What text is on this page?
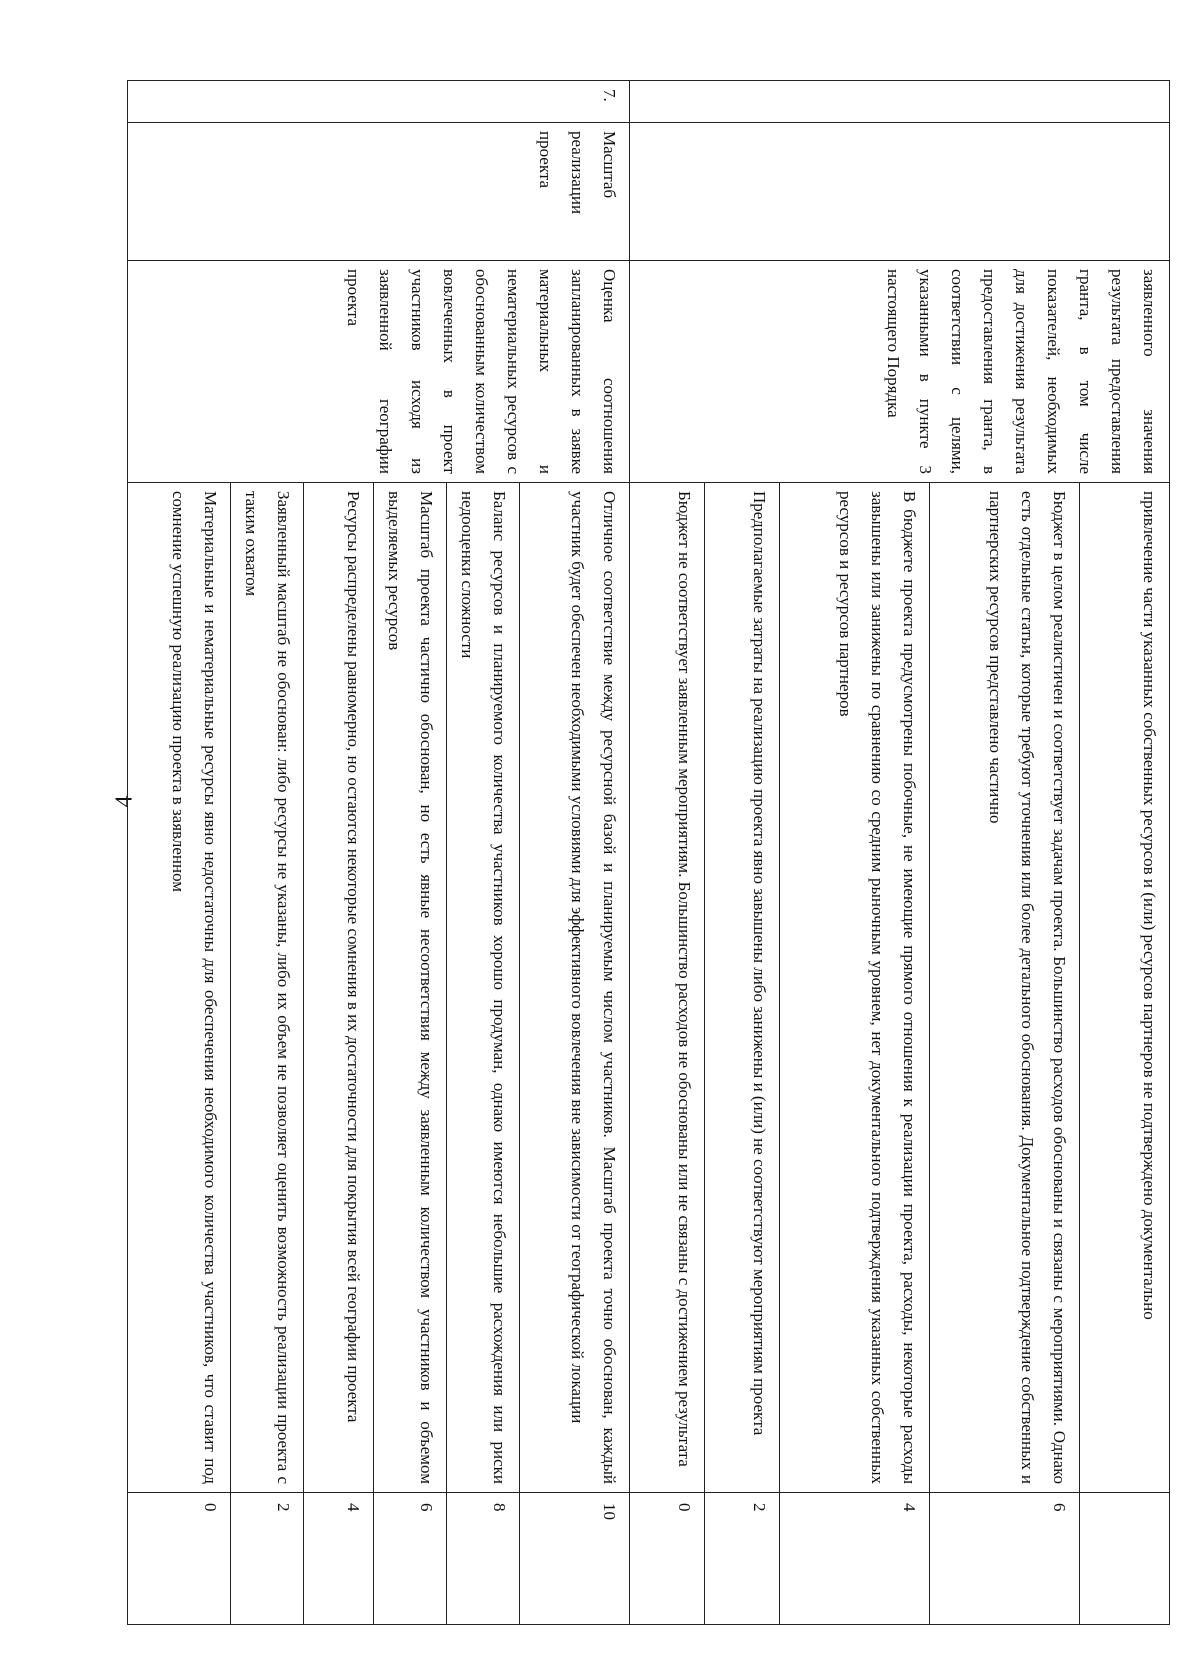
4
		заявленного значения результата предоставления гранта, в том числе показателей, необходимых для достижения результата предоставления гранта, в соответствии с целями, указанными в пункте 3 настоящего Порядка	привлечение части указанных собственных ресурсов и (или) ресурсов партнеров не подтверждено документально	
			Бюджет в целом реалистичен и соответствует задачам проекта. Большинство расходов обоснованы и связаны с мероприятиями. Однако есть отдельные статьи, которые требуют уточнения или более детального обоснования. Документальное подтверждение собственных и партнерских ресурсов представлено частично	6
			В бюджете проекта предусмотрены побочные, не имеющие прямого отношения к реализации проекта, расходы, некоторые расходы завышены или занижены по сравнению со средним рыночным уровнем, нет документального подтверждения указанных собственных ресурсов и ресурсов партнеров	4
			Предполагаемые затраты на реализацию проекта явно завышены либо занижены и (или) не соответствуют мероприятиям проекта	2
			Бюджет не соответствует заявленным мероприятиям. Большинство расходов не обоснованы или не связаны с достижением результата	0
7.	Масштаб реализации проекта	Оценка соотношения запланированных в заявке материальных и нематериальных ресурсов с обоснованным количеством вовлеченных в проект участников исходя из заявленной географии проекта	Отличное соответствие между ресурсной базой и планируемым числом участников. Масштаб проекта точно обоснован, каждый участник будет обеспечен необходимыми условиями для эффективного вовлечения вне зависимости от географической локации	10
			Баланс ресурсов и планируемого количества участников хорошо продуман, однако имеются небольшие расхождения или риски недооценки сложности	8
			Масштаб проекта частично обоснован, но есть явные несоответствия между заявленным количеством участников и объемом выделяемых ресурсов	6
			Ресурсы распределены равномерно, но остаются некоторые сомнения в их достаточности для покрытия всей географии проекта	4
			Заявленный масштаб не обоснован: либо ресурсы не указаны, либо их объем не позволяет оценить возможность реализации проекта с таким охватом	2
			Материальные и нематериальные ресурсы явно недостаточны для обеспечения необходимого количества участников, что ставит под сомнение успешную реализацию проекта в заявленном	0
